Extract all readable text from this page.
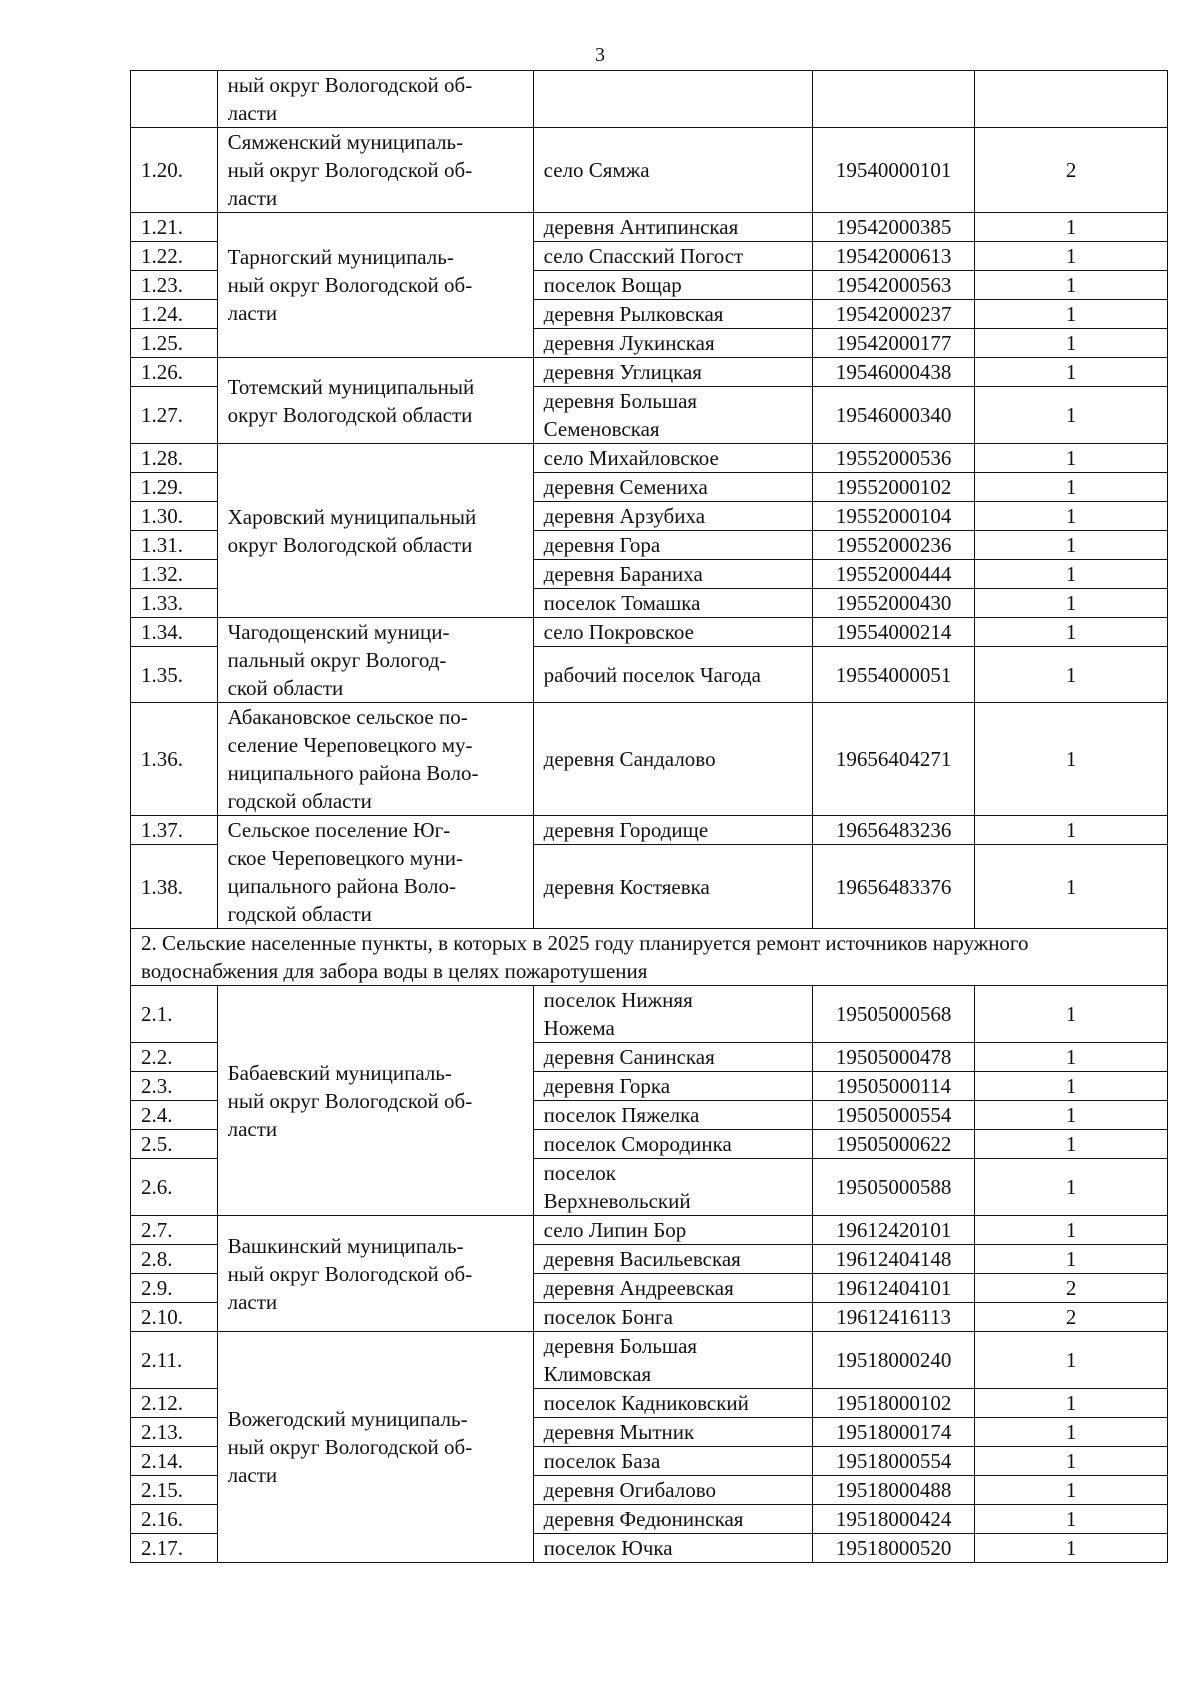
3
	ный округ Вологодской об-
ласти			
1.20.	Сямженский муниципаль-
ный округ Вологодской об-
ласти	село Сямжа	19540000101	2
1.21.	Тарногский муниципаль-
ный округ Вологодской об-
ласти	деревня Антипинская	19542000385	1
1.22.		село Спасский Погост	19542000613	1
1.23.		поселок Вощар	19542000563	1
1.24.		деревня Рылковская	19542000237	1
1.25.		деревня Лукинская	19542000177	1
1.26.	Тотемский муниципальный
округ Вологодской области	деревня Углицкая	19546000438	1
1.27.		деревня Большая
Семеновская	19546000340	1
1.28.	Харовский муниципальный
округ Вологодской области	село Михайловское	19552000536	1
1.29.		деревня Семениха	19552000102	1
1.30.		деревня Арзубиха	19552000104	1
1.31.		деревня Гора	19552000236	1
1.32.		деревня Бараниха	19552000444	1
1.33.		поселок Томашка	19552000430	1
1.34.	Чагодощенский муници-
пальный округ Вологод-
ской области	село Покровское	19554000214	1
1.35.		рабочий поселок Чагода	19554000051	1
1.36.	Абакановское сельское по-
селение Череповецкого му-
ниципального района Воло-
годской области	деревня Сандалово	19656404271	1
1.37.	Сельское поселение Юг-
ское Череповецкого муни-
ципального района Воло-
годской области	деревня Городище	19656483236	1
1.38.		деревня Костяевка	19656483376	1
2. Сельские населенные пункты, в которых в 2025 году планируется ремонт источников наружного водоснабжения для забора воды в целях пожаротушения				
2.1.	Бабаевский муниципаль-
ный округ Вологодской об-
ласти	поселок Нижняя
Ножема	19505000568	1
2.2.		деревня Санинская	19505000478	1
2.3.		деревня Горка	19505000114	1
2.4.		поселок Пяжелка	19505000554	1
2.5.		поселок Смородинка	19505000622	1
2.6.		поселок
Верхневольский	19505000588	1
2.7.	Вашкинский муниципаль-
ный округ Вологодской об-
ласти	село Липин Бор	19612420101	1
2.8.		деревня Васильевская	19612404148	1
2.9.		деревня Андреевская	19612404101	2
2.10.		поселок Бонга	19612416113	2
2.11.	Вожегодский муниципаль-
ный округ Вологодской об-
ласти	деревня Большая
Климовская	19518000240	1
2.12.		поселок Кадниковский	19518000102	1
2.13.		деревня Мытник	19518000174	1
2.14.		поселок База	19518000554	1
2.15.		деревня Огибалово	19518000488	1
2.16.		деревня Федюнинская	19518000424	1
2.17.		поселок Ючка	19518000520	1
